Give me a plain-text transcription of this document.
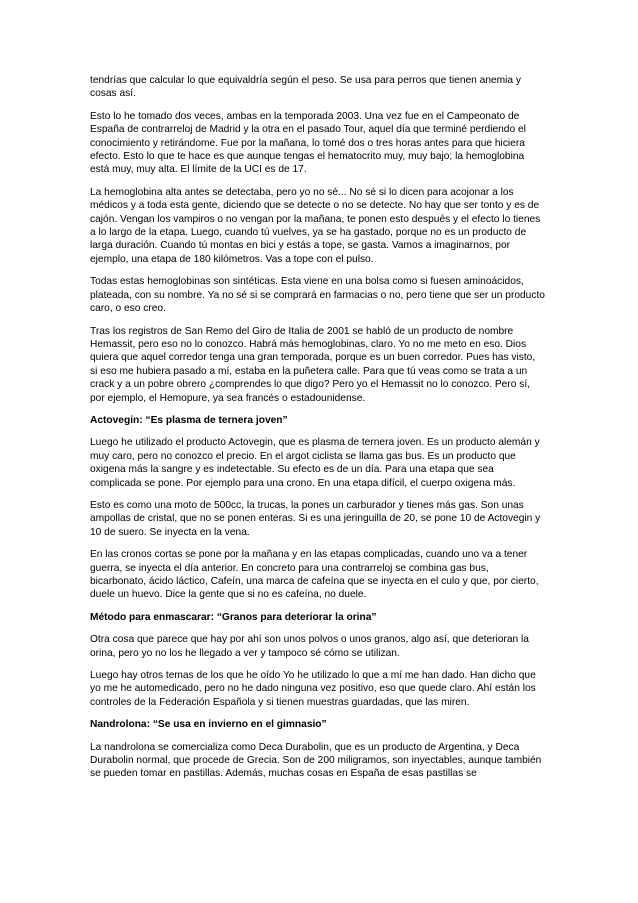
tendrías que calcular lo que equivaldría según el peso. Se usa para perros que tienen anemia y cosas así.

Esto lo he tomado dos veces, ambas en la temporada 2003. Una vez fue en el Campeonato de España de contrarreloj de Madrid y la otra en el pasado Tour, aquel día que terminé perdiendo el conocimiento y retirándome. Fue por la mañana, lo tomé dos o tres horas antes para que hiciera efecto. Esto lo que te hace es que aunque tengas el hematocrito muy, muy bajo; la hemoglobina está muy, muy alta. El límite de la UCI es de 17.

La hemoglobina alta antes se detectaba, pero yo no sé... No sé si lo dicen para acojonar a los médicos y a toda esta gente, diciendo que se detecte o no se detecte. No hay que ser tonto y es de cajón. Vengan los vampiros o no vengan por la mañana, te ponen esto después y el efecto lo tienes a lo largo de la etapa. Luego, cuando tú vuelves, ya se ha gastado, porque no es un producto de larga duración. Cuando tú montas en bici y estás a tope, se gasta. Vamos a imaginarnos, por ejemplo, una etapa de 180 kilómetros. Vas a tope con el pulso.

Todas estas hemoglobinas son sintéticas. Esta viene en una bolsa como si fuesen aminoácidos, plateada, con su nombre. Ya no sé si se comprará en farmacias o no, pero tiene que ser un producto caro, o eso creo.

Tras los registros de San Remo del Giro de Italia de 2001 se habló de un producto de nombre Hemassit, pero eso no lo conozco. Habrá más hemoglobinas, claro. Yo no me meto en eso. Dios quiera que aquel corredor tenga una gran temporada, porque es un buen corredor. Pues has visto, si eso me hubiera pasado a mí, estaba en la puñetera calle. Para que tú veas como se trata a un crack y a un pobre obrero ¿comprendes lo que digo? Pero yo el Hemassit no lo conozco. Pero sí, por ejemplo, el Hemopure, ya sea francés o estadounidense.

Actovegin: “Es plasma de ternera joven”

Luego he utilizado el producto Actovegin, que es plasma de ternera joven. Es un producto alemán y muy caro, pero no conozco el precio. En el argot ciclista se llama gas bus. Es un producto que oxigena más la sangre y es indetectable. Su efecto es de un día. Para una etapa que sea complicada se pone. Por ejemplo para una crono. En una etapa difícil, el cuerpo oxigena más.

Esto es como una moto de 500cc, la trucas, la pones un carburador y tienes más gas. Son unas ampollas de cristal, que no se ponen enteras. Si es una jeringuilla de 20, se pone 10 de Actovegin y 10 de suero. Se inyecta en la vena.

En las cronos cortas se pone por la mañana y en las etapas complicadas, cuando uno va a tener guerra, se inyecta el día anterior. En concreto para una contrarreloj se combina gas bus, bicarbonato, ácido láctico, Cafeín, una marca de cafeína que se inyecta en el culo y que, por cierto, duele un huevo. Dice la gente que si no es cafeína, no duele.

Método para enmascarar: “Granos para deteriorar la orina”

Otra cosa que parece que hay por ahí son unos polvos o unos granos, algo así, que deterioran la orina, pero yo no los he llegado a ver y tampoco sé cómo se utilizan.

Luego hay otros temas de los que he oído Yo he utilizado lo que a mí me han dado. Han dicho que yo me he automedicado, pero no he dado ninguna vez positivo, eso que quede claro. Ahí están los controles de la Federación Española y si tienen muestras guardadas, que las miren.

Nandrolona: “Se usa en invierno en el gimnasio”

La nandrolona se comercializa como Deca Durabolin, que es un producto de Argentina, y Deca Durabolin normal, que procede de Grecia. Son de 200 miligramos, son inyectables, aunque también se pueden tomar en pastillas. Además, muchas cosas en España de esas pastillas se
